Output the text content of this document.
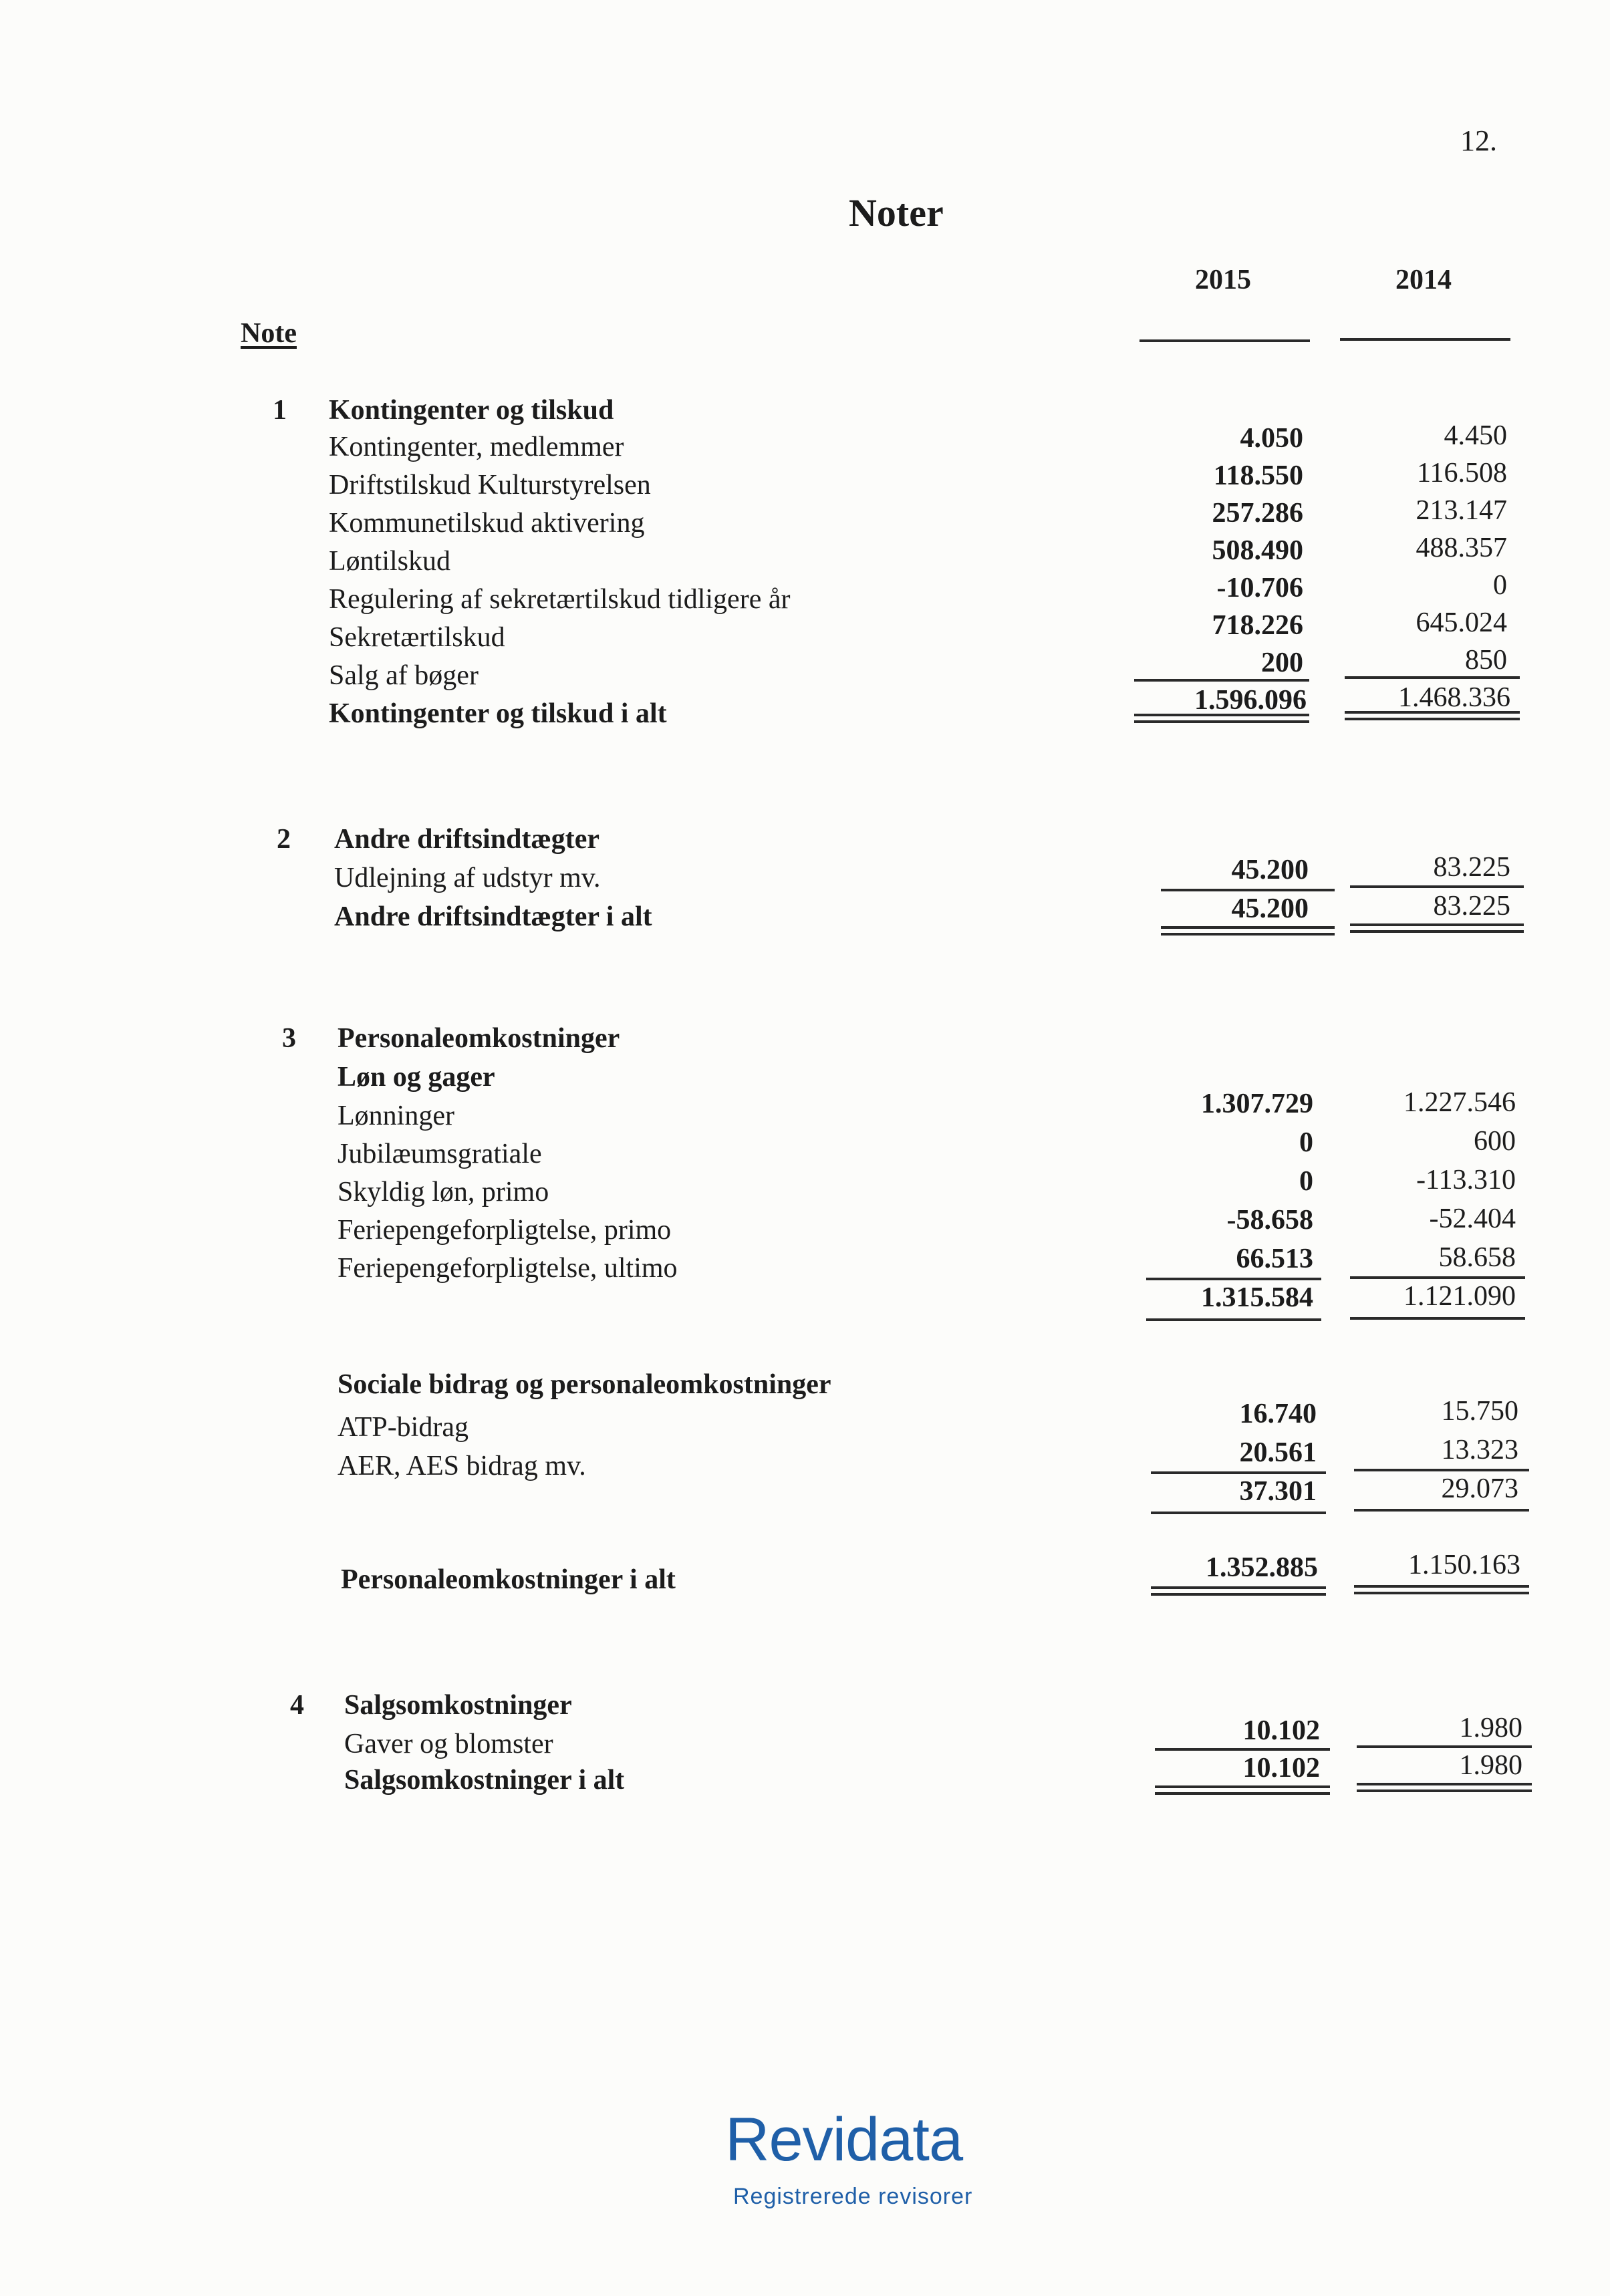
12.
Noter
2015	2014
Note
1 Kontingenter og tilskud
Kontingenter, medlemmer	4.050	4.450
Driftstilskud Kulturstyrelsen	118.550	116.508
Kommunetilskud aktivering	257.286	213.147
Løntilskud	508.490	488.357
Regulering af sekretærtilskud tidligere år	-10.706	0
Sekretærtilskud	718.226	645.024
Salg af bøger	200	850
Kontingenter og tilskud i alt	1.596.096	1.468.336
2 Andre driftsindtægter
Udlejning af udstyr mv.	45.200	83.225
Andre driftsindtægter i alt	45.200	83.225
3 Personaleomkostninger
Løn og gager
Lønninger	1.307.729	1.227.546
Jubilæumsgratiale	0	600
Skyldig løn, primo	0	-113.310
Feriepengeforpligtelse, primo	-58.658	-52.404
Feriepengeforpligtelse, ultimo	66.513	58.658
1.315.584	1.121.090
Sociale bidrag og personaleomkostninger
ATP-bidrag	16.740	15.750
AER, AES bidrag mv.	20.561	13.323
37.301	29.073
Personaleomkostninger i alt	1.352.885	1.150.163
4 Salgsomkostninger
Gaver og blomster	10.102	1.980
Salgsomkostninger i alt	10.102	1.980
Revidata
Registrerede revisorer
